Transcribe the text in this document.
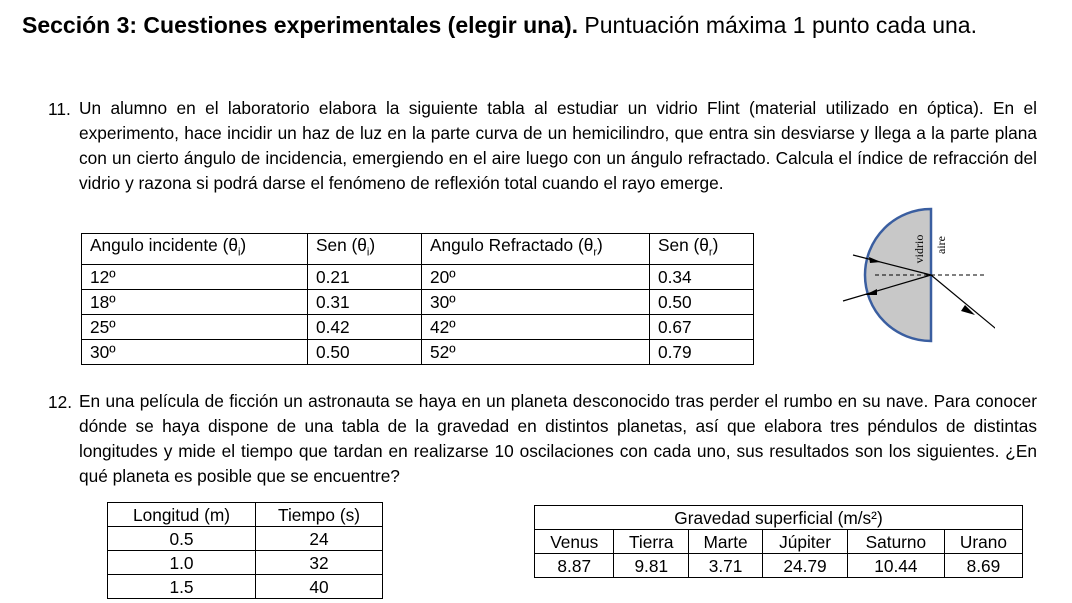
Sección 3: Cuestiones experimentales (elegir una). Puntuación máxima 1 punto cada una.
11. Un alumno en el laboratorio elabora la siguiente tabla al estudiar un vidrio Flint (material utilizado en óptica). En el experimento, hace incidir un haz de luz en la parte curva de un hemicilindro, que entra sin desviarse y llega a la parte plana con un cierto ángulo de incidencia, emergiendo en el aire luego con un ángulo refractado. Calcula el índice de refracción del vidrio y razona si podrá darse el fenómeno de reflexión total cuando el rayo emerge.
Angulo incidente $(\theta_i)$	Sen $(\theta_i)$	Angulo Refractado $(\theta_r)$	Sen $(\theta_r)$
12º	0.21	20º	0.34
18º	0.31	30º	0.50
25º	0.42	42º	0.67
30º	0.50	52º	0.79
vidrio aire
12. En una película de ficción un astronauta se haya en un planeta desconocido tras perder el rumbo en su nave. Para conocer dónde se haya dispone de una tabla de la gravedad en distintos planetas, así que elabora tres péndulos de distintas longitudes y mide el tiempo que tardan en realizarse 10 oscilaciones con cada uno, sus resultados son los siguientes. ¿En qué planeta es posible que se encuentre?
Longitud (m)	Tiempo (s)
0.5	24
1.0	32
1.5	40
Gravedad superficial (m/s²)					
Venus	Tierra	Marte	Júpiter	Saturno	Urano
8.87	9.81	3.71	24.79	10.44	8.69
